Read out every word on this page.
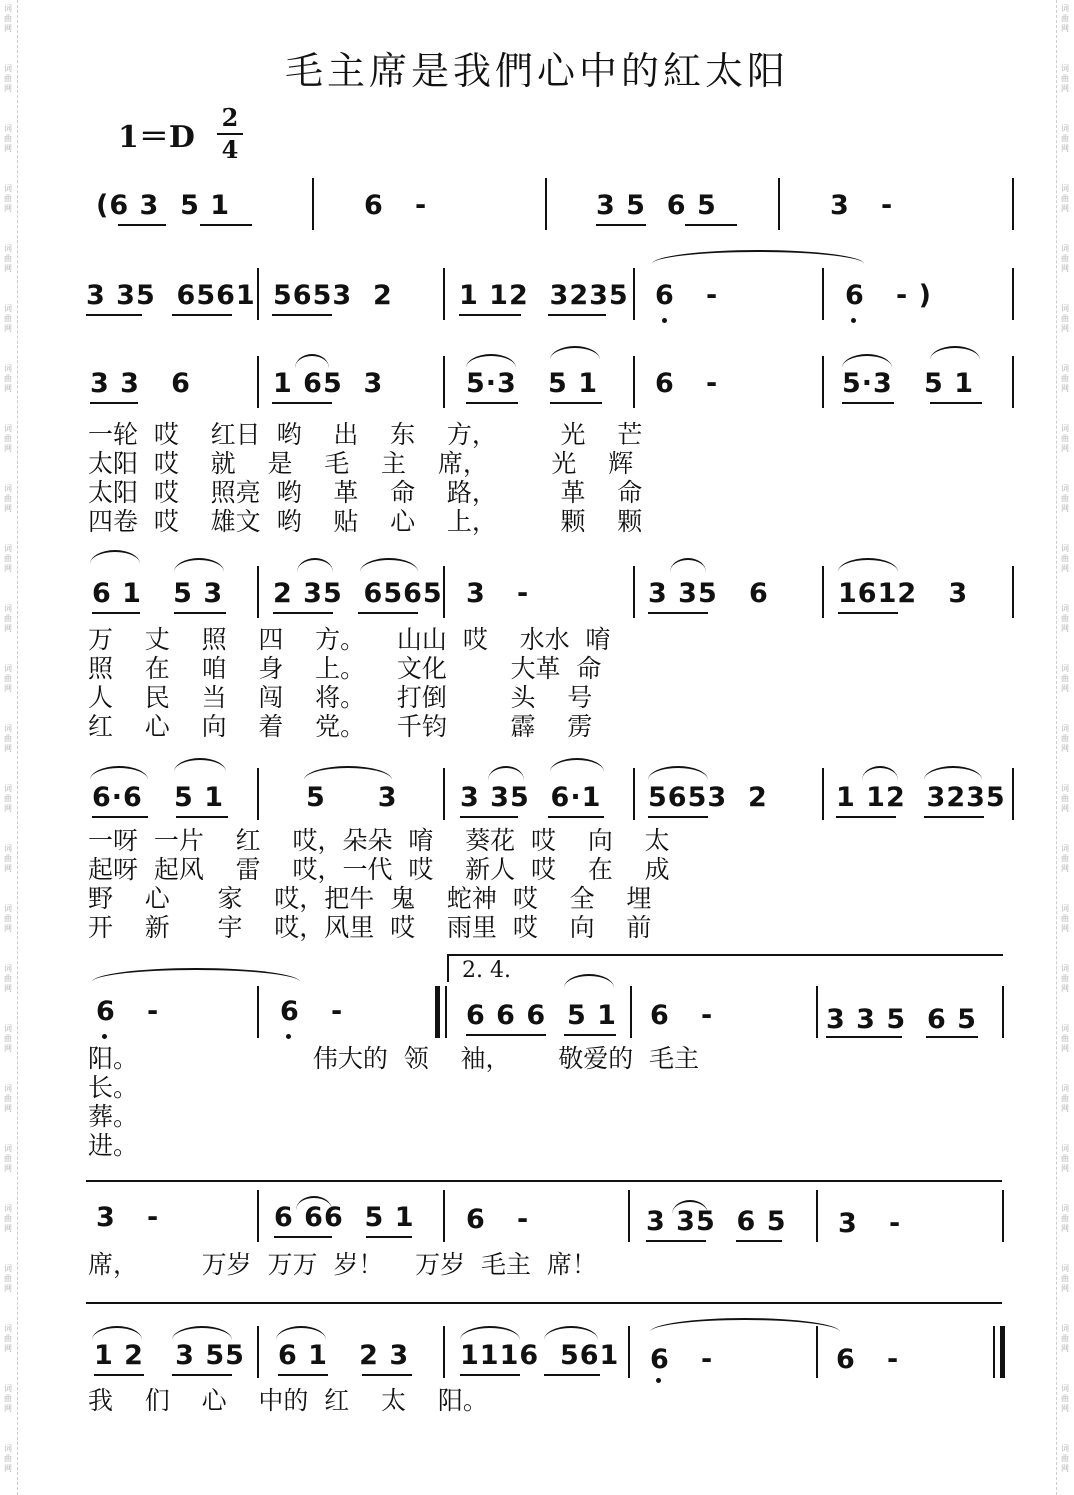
词曲网
词曲网
词曲网
词曲网
词曲网
词曲网
词曲网
词曲网
词曲网
词曲网
词曲网
词曲网
词曲网
词曲网
词曲网
词曲网
词曲网
词曲网
词曲网
词曲网
词曲网
词曲网
词曲网
词曲网
词曲网
词曲网
词曲网
词曲网
词曲网
词曲网
词曲网
词曲网
词曲网
词曲网
词曲网
词曲网
词曲网
词曲网
词曲网
词曲网
词曲网
词曲网
词曲网
词曲网
词曲网
词曲网
词曲网
词曲网
词曲网
词曲网
毛主席是我們心中的紅太阳
1＝D
2
4
(6 3  5 1	6   -	3 5  6 5	3   -
3 35  6561 5653  2 1 12  3235 6   -	6   - )
3 3   6	1 65  3	5·3   5 1 6   -	5·3   5 1
一轮  哎    红日  哟    出    东    方，        光    芒
太阳  哎    就    是    毛    主    席，        光    辉
太阳  哎    照亮  哟    革    命    路，        革    命
四卷  哎    雄文  哟    贴    心    上，        颗    颗
6 1   5 3 2 35  6565 3   -	3 35   6	1612   3
万    丈    照    四    方。    山山  哎    水水  唷
照    在    咱    身    上。    文化        大革  命
人    民    当    闯    将。    打倒        头    号
红    心    向    着    党。    千钧        霹    雳
6·6   5 1	5     3 3 35  6·1 5653  2	1 12  3235
一呀  一片    红    哎，朵朵  唷    葵花  哎    向    太
起呀  起风    雷    哎，一代  哎    新人  哎    在    成
野    心      家    哎，把牛  鬼    蛇神  哎    全    埋
开    新      宇    哎，风里  哎    雨里  哎    向    前
2. 4.
6   -	6   -	6 6 6  5 1 6   -	3 3 5  6 5
阳。                      伟大的  领    袖，      敬爱的  毛主
长。
葬。
进。
3   -	6 66  5 1 6   -	3 35  6 5 3   -
席，        万岁  万万  岁！    万岁  毛主  席！
1 2   3 55 6 1   2 3 1116  561 6   -	6   -
我    们    心    中的  红    太    阳。
